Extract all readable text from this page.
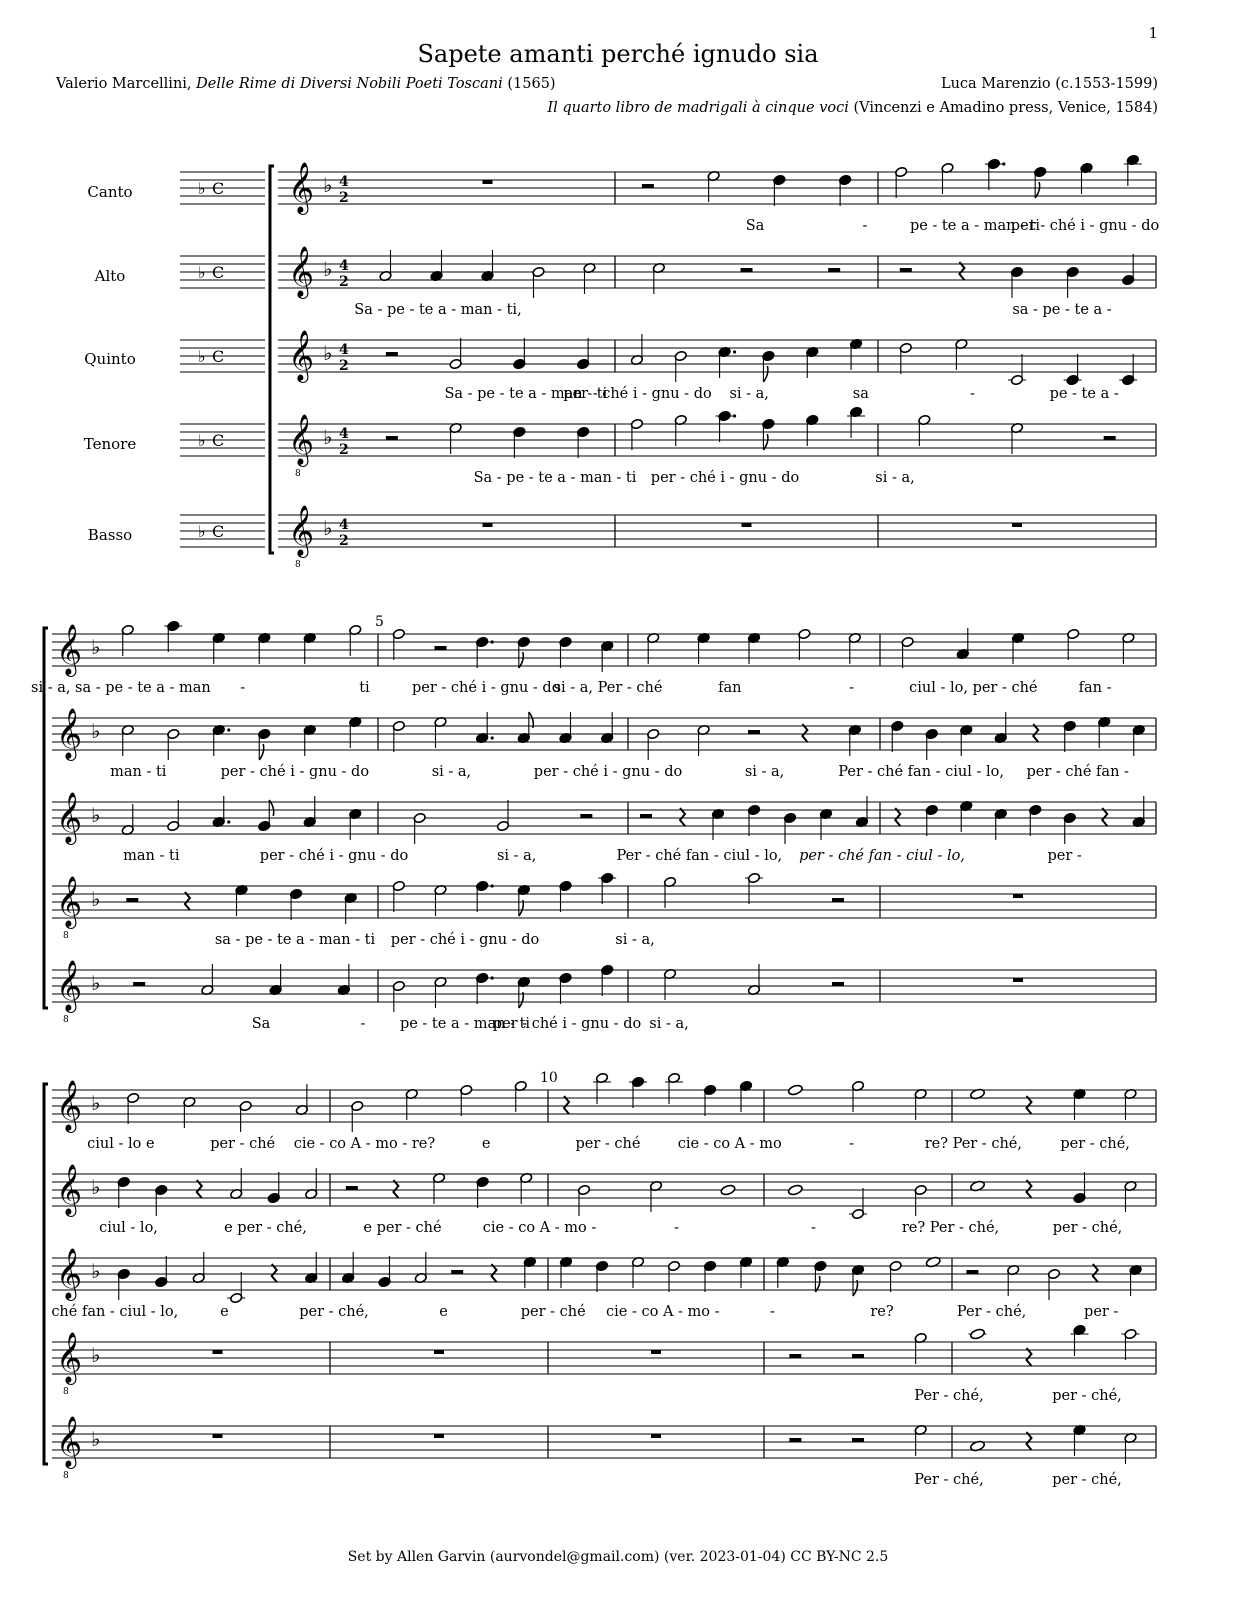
1
Sapete amanti perché ignudo sia
Valerio Marcellini, Delle Rime di Diversi Nobili Poeti Toscani (1565)	Luca Marenzio (c.1553-1599)
Il quarto libro de madrigali à cinque voci (Vincenzi e Amadino press, Venice, 1584)
Canto
Alto
Quinto
Tenore
Basso
𝄞 ♭ 4
2
C
♭
𝄞 ♭ 4
2
C
♭
𝄞 ♭ 4
2
C
♭
𝄞
8
♭ 4
2
C
♭
𝄞
8
♭ 4
2
C
♭
𝄞 ♭
𝄞 ♭
𝄞 ♭
𝄞
8
♭
𝄞
8
♭
𝄞 ♭
𝄞 ♭
𝄞 ♭
𝄞
8
♭
𝄞
8
♭
Sa	-	pe - te a - man - ti
per - ché i - gnu - do
Sa - pe - te a - man - ti,	sa - pe - te a -
Sa - pe - te a - man - ti
per - ché i - gnu - do si - a,	sa	-	pe - te a -
Sa - pe - te a - man - ti per - ché i - gnu - do	si - a,
5
si - a, sa - pe - te a - man -	ti	per - ché i - gnu - do
si - a, Per - ché	fan	-	ciul - lo, per - ché	fan -
man - ti	per - ché i - gnu - do	si - a,	per - ché i - gnu - do	si - a,	Per - ché fan - ciul - lo, per - ché fan -
man - ti	per - ché i - gnu - do	si - a,	Per - ché fan - ciul - lo, per - ché fan - ciul - lo,	per -
sa - pe - te a - man - ti per - ché i - gnu - do	si - a,
Sa	- pe - te a - man - ti
per - ché i - gnu - do si - a,
10
ciul - lo e	per - ché cie - co A - mo - re?	e	per - ché	cie - co A - mo	-	re? Per - ché,	per - ché,
ciul - lo,	e per - ché,	e per - ché	cie - co A - mo -	-	-	re? Per - ché,	per - ché,
ché fan - ciul - lo,	e	per - ché,	e	per - ché cie - co A - mo -	-	re?	Per - ché,	per -
Per - ché,	per - ché,
Per - ché,	per - ché,
Set by Allen Garvin (aurvondel@gmail.com) (ver. 2023-01-04) CC BY-NC 2.5
